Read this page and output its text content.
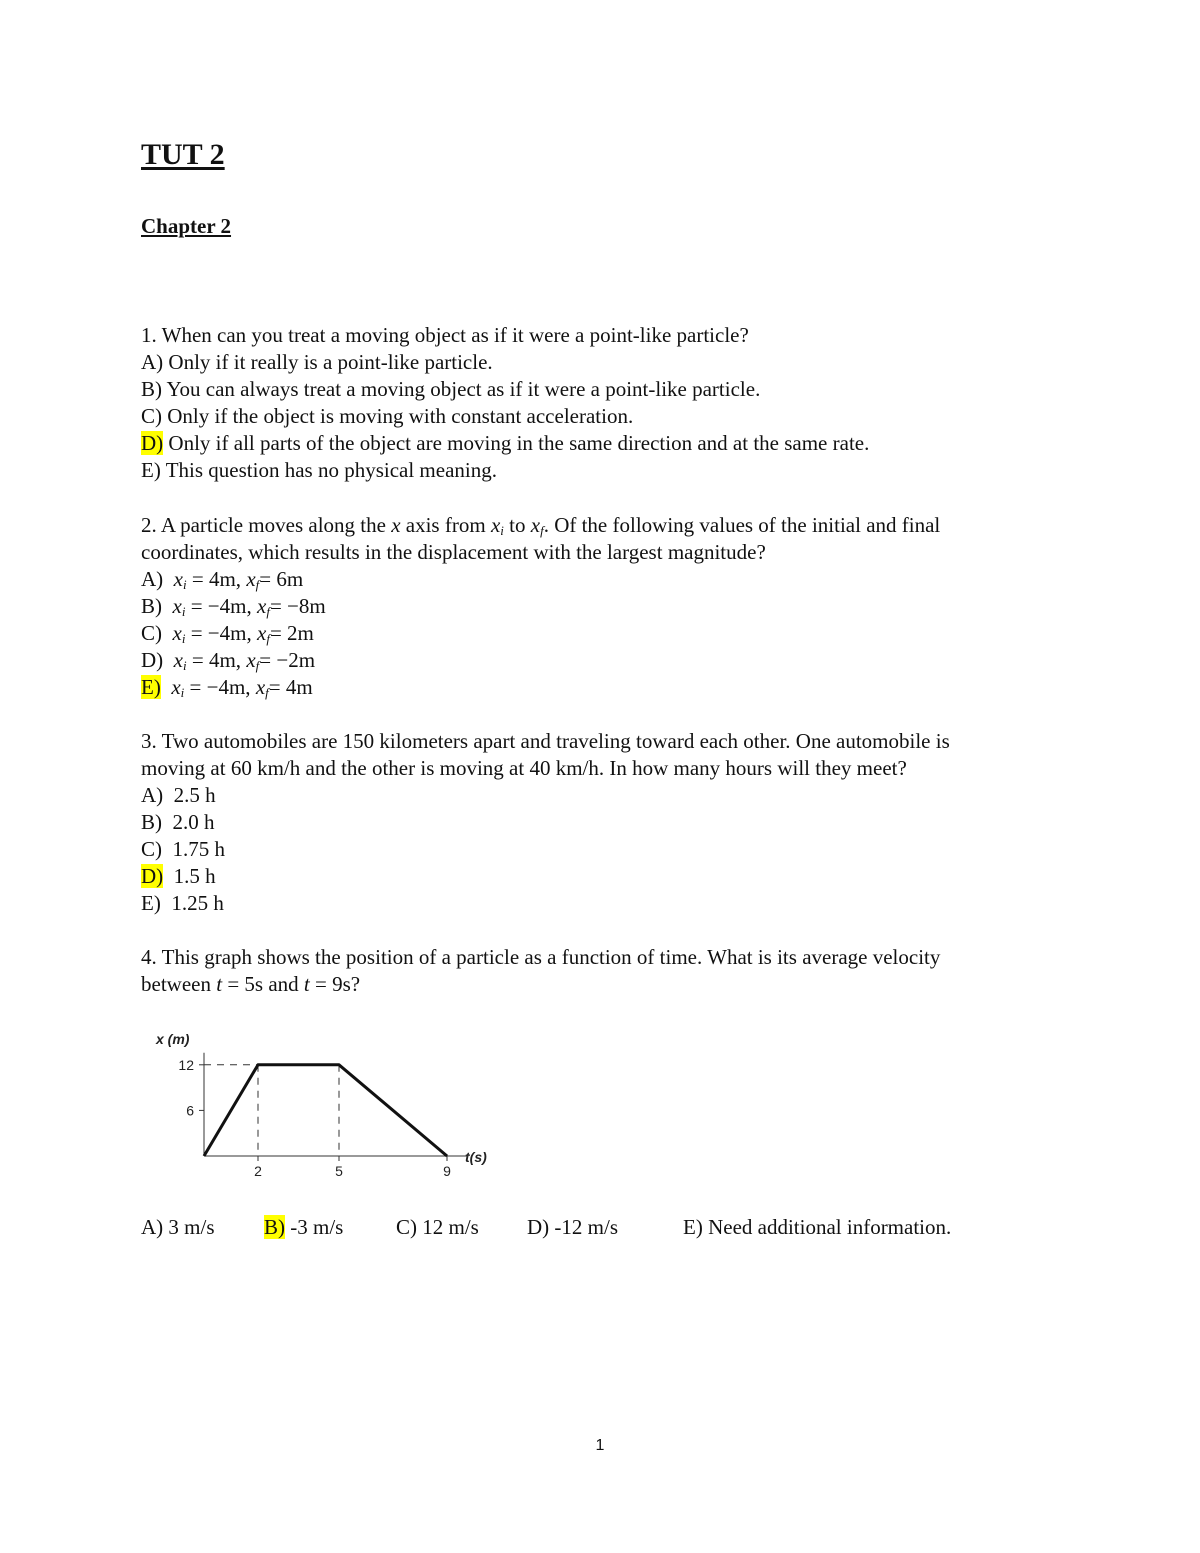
TUT 2
Chapter 2
1. When can you treat a moving object as if it were a point-like particle?
A) Only if it really is a point-like particle.
B) You can always treat a moving object as if it were a point-like particle.
C) Only if the object is moving with constant acceleration.
D) Only if all parts of the object are moving in the same direction and at the same rate.
E) This question has no physical meaning.
2. A particle moves along the x axis from $x_i$ to $x_f$. Of the following values of the initial and final
coordinates, which results in the displacement with the largest magnitude?
A) $x_i = 4m$, $x_f= 6m$
B) $x_i = -4m$, $x_f= -8m$
C) $x_i = -4m$, $x_f= 2m$
D) $x_i = 4m$, $x_f= -2m$
E) $x_i = -4m$, $x_f= 4m$
3. Two automobiles are 150 kilometers apart and traveling toward each other. One automobile is
moving at 60 km/h and the other is moving at 40 km/h. In how many hours will they meet?
A)  2.5 h
B)  2.0 h
C)  1.75 h
D)  1.5 h
E)  1.25 h
4. This graph shows the position of a particle as a function of time. What is its average velocity
between t = 5s and t = 9s?
x (m)
t(s)
6
12
2	5	9
A) 3 m/s B) -3 m/s	C) 12 m/s D) -12 m/s	E) Need additional information.
1
